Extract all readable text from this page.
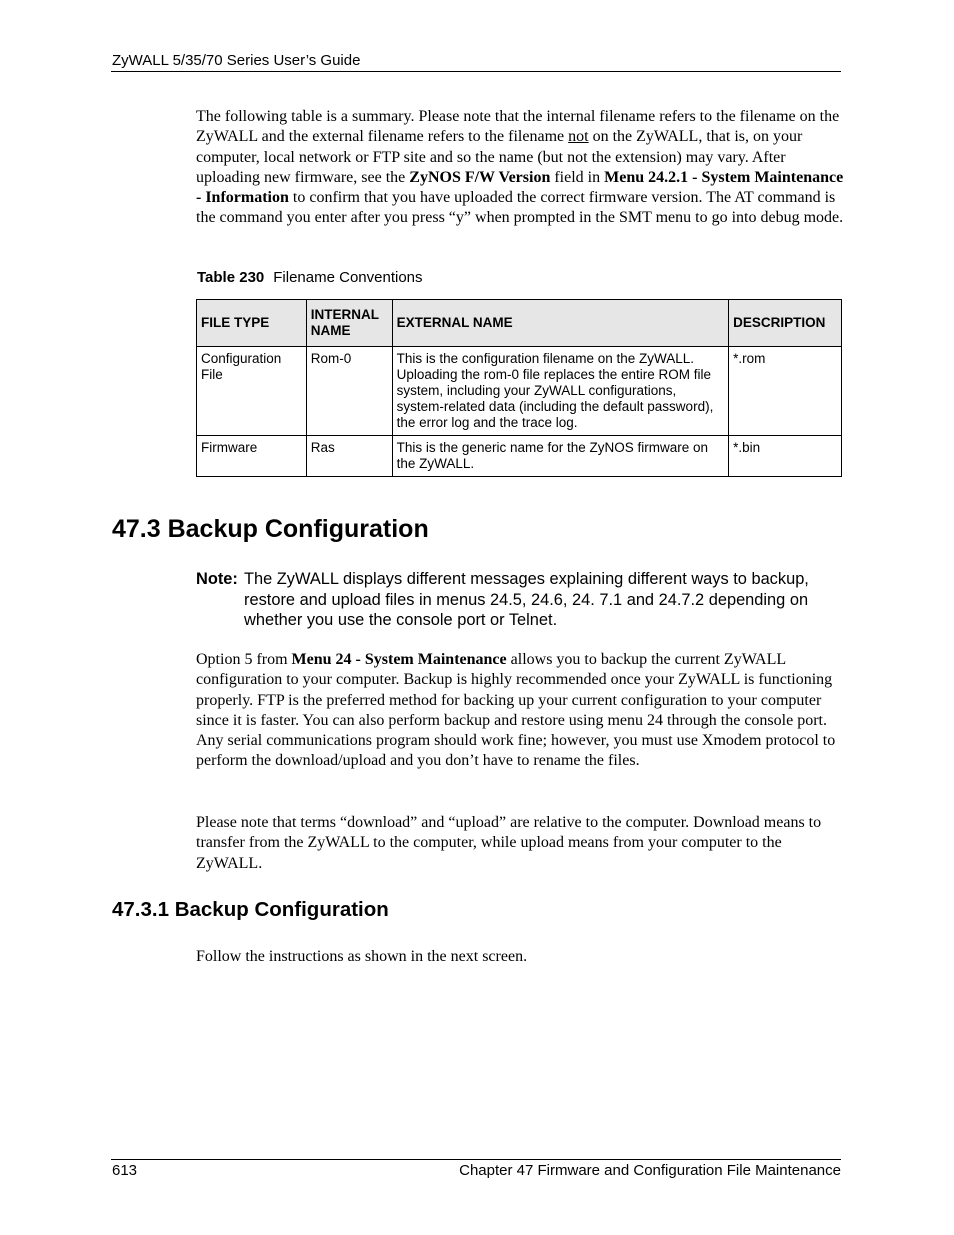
ZyWALL 5/35/70 Series User’s Guide

The following table is a summary. Please note that the internal filename refers to the filename on the ZyWALL and the external filename refers to the filename not on the ZyWALL, that is, on your computer, local network or FTP site and so the name (but not the extension) may vary. After uploading new firmware, see the ZyNOS F/W Version field in Menu 24.2.1 - System Maintenance - Information to confirm that you have uploaded the correct firmware version. The AT command is the command you enter after you press “y” when prompted in the SMT menu to go into debug mode.

Table 230 Filename Conventions
FILE TYPE	INTERNAL NAME	EXTERNAL NAME	DESCRIPTION
Configuration File	Rom-0	This is the configuration filename on the ZyWALL. Uploading the rom-0 file replaces the entire ROM file system, including your ZyWALL configurations, system-related data (including the default password), the error log and the trace log.	*.rom
Firmware	Ras	This is the generic name for the ZyNOS firmware on the ZyWALL.	*.bin
47.3 Backup Configuration
Note: The ZyWALL displays different messages explaining different ways to backup, restore and upload files in menus 24.5, 24.6, 24. 7.1 and 24.7.2 depending on whether you use the console port or Telnet.

Option 5 from Menu 24 - System Maintenance allows you to backup the current ZyWALL configuration to your computer. Backup is highly recommended once your ZyWALL is functioning properly. FTP is the preferred method for backing up your current configuration to your computer since it is faster. You can also perform backup and restore using menu 24 through the console port. Any serial communications program should work fine; however, you must use Xmodem protocol to perform the download/upload and you don’t have to rename the files.

Please note that terms “download” and “upload” are relative to the computer. Download means to transfer from the ZyWALL to the computer, while upload means from your computer to the ZyWALL.

47.3.1 Backup Configuration

Follow the instructions as shown in the next screen.

613	Chapter 47 Firmware and Configuration File Maintenance
